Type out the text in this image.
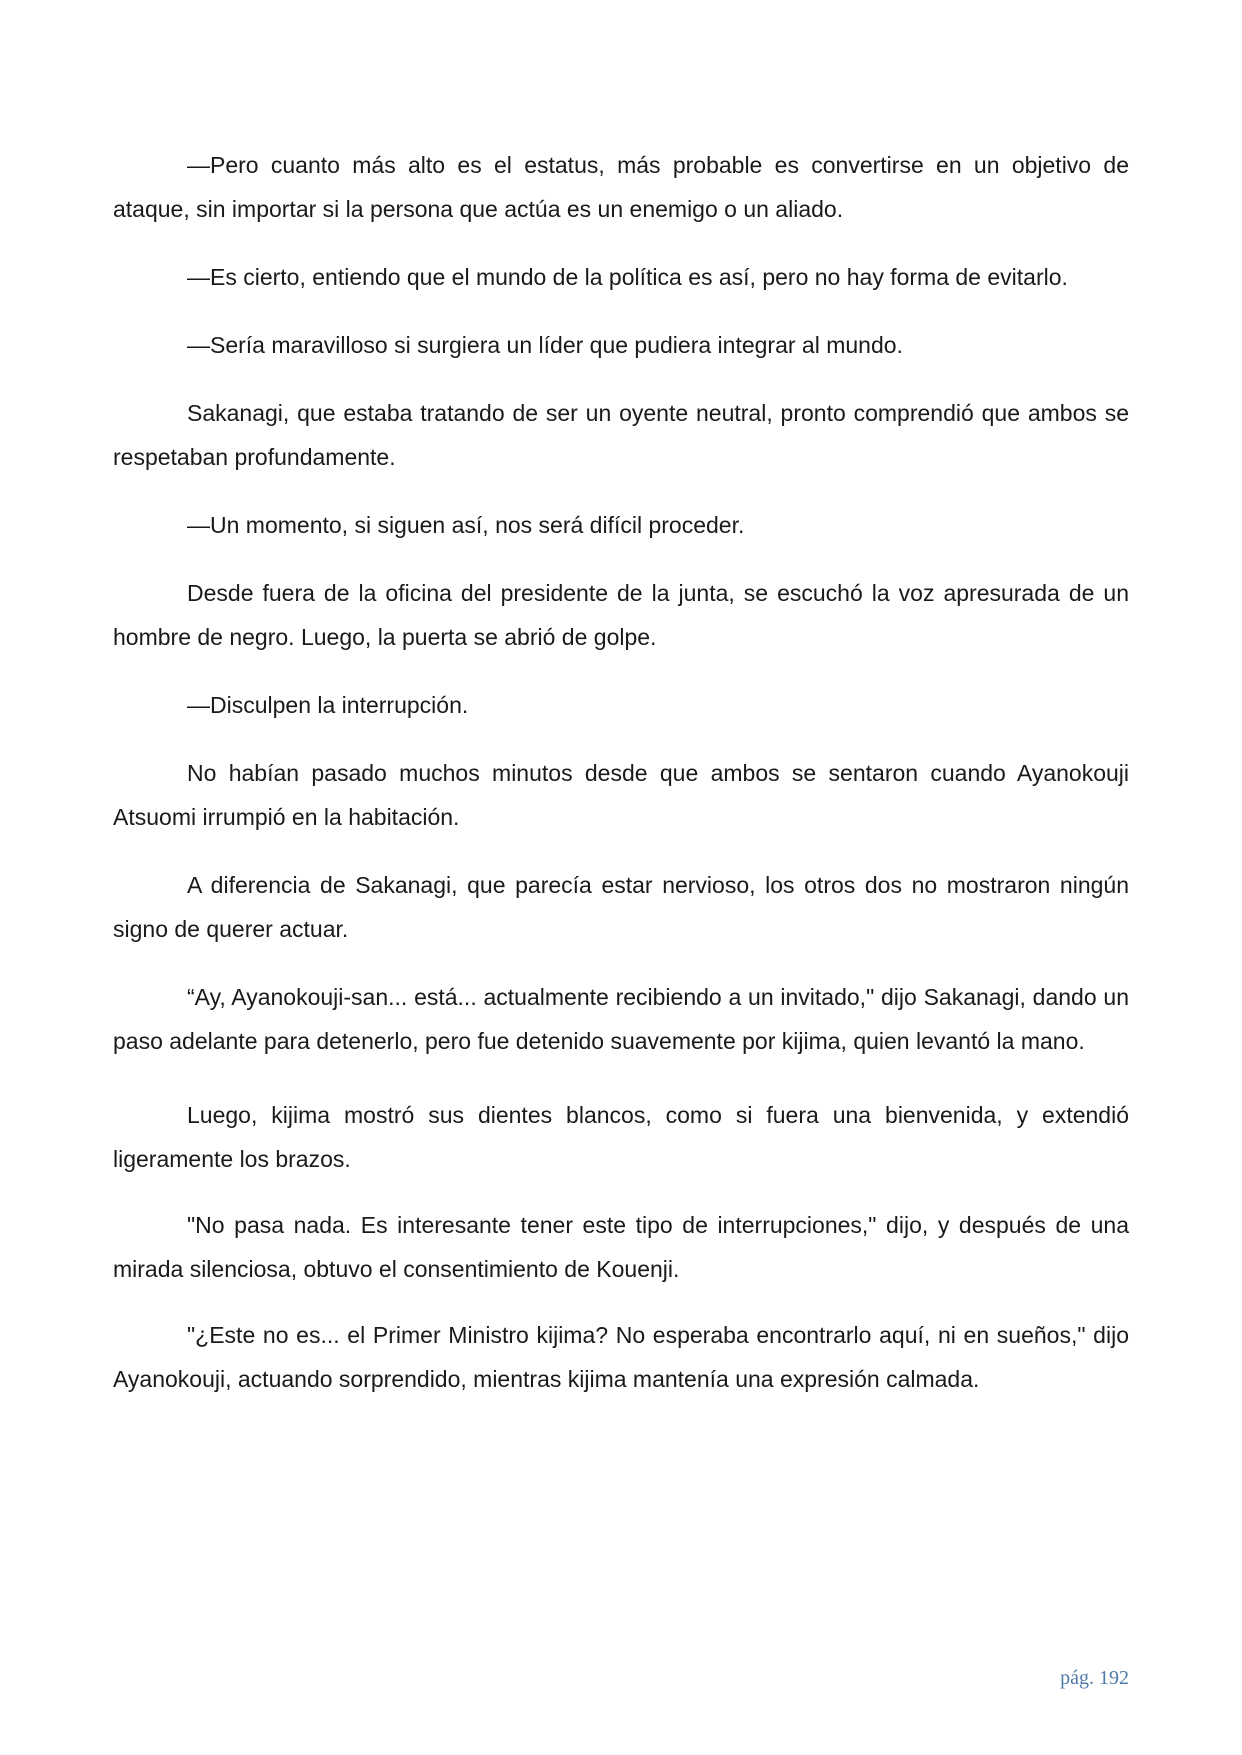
—Pero cuanto más alto es el estatus, más probable es convertirse en un objetivo de ataque, sin importar si la persona que actúa es un enemigo o un aliado.

—Es cierto, entiendo que el mundo de la política es así, pero no hay forma de evitarlo.

—Sería maravilloso si surgiera un líder que pudiera integrar al mundo.

Sakanagi, que estaba tratando de ser un oyente neutral, pronto comprendió que ambos se respetaban profundamente.

—Un momento, si siguen así, nos será difícil proceder.

Desde fuera de la oficina del presidente de la junta, se escuchó la voz apresurada de un hombre de negro. Luego, la puerta se abrió de golpe.

—Disculpen la interrupción.

No habían pasado muchos minutos desde que ambos se sentaron cuando Ayanokouji Atsuomi irrumpió en la habitación.

A diferencia de Sakanagi, que parecía estar nervioso, los otros dos no mostraron ningún signo de querer actuar.

“Ay, Ayanokouji-san... está... actualmente recibiendo a un invitado," dijo Sakanagi, dando un paso adelante para detenerlo, pero fue detenido suavemente por kijima, quien levantó la mano.

Luego, kijima mostró sus dientes blancos, como si fuera una bienvenida, y extendió ligeramente los brazos.

"No pasa nada. Es interesante tener este tipo de interrupciones," dijo, y después de una mirada silenciosa, obtuvo el consentimiento de Kouenji.

"¿Este no es... el Primer Ministro kijima? No esperaba encontrarlo aquí, ni en sueños," dijo Ayanokouji, actuando sorprendido, mientras kijima mantenía una expresión calmada.

pág. 192
